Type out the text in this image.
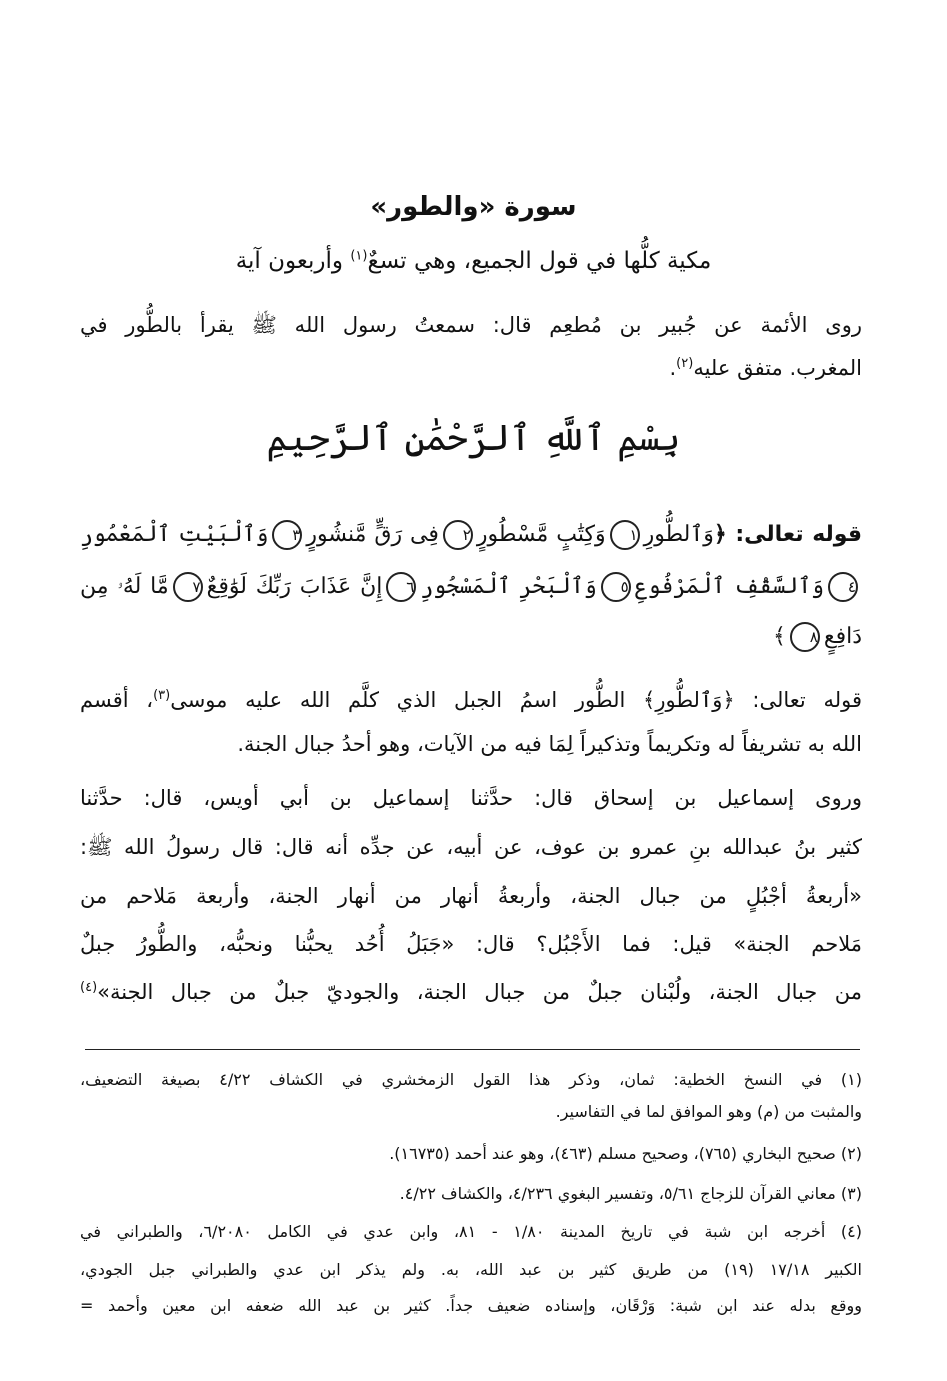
سورة «والطور»
مكية كلُّها في قول الجميع، وهي تسعٌ$^{(١)}$ وأربعون آية
روى الأئمة عن جُبير بن مُطعِم قال: سمعتُ رسول الله ﷺ يقرأ بالطُّور في
المغرب. متفق عليه$^{(٢)}$.
بِسْمِ ٱللَّهِ ٱلرَّحْمَٰنِ ٱلرَّحِيمِ
قوله تعالى: ﴿وَٱلطُّورِ١وَكِتَٰبٍ مَّسْطُورٍ٢فِى رَقٍّ مَّنشُورٍ٣وَٱلْبَيْتِ ٱلْمَعْمُورِ
٤وَٱلسَّقْفِ ٱلْمَرْفُوعِ٥وَٱلْبَحْرِ ٱلْمَسْجُورِ٦إِنَّ عَذَابَ رَبِّكَ لَوَٰقِعٌ٧مَّا لَهُۥ مِن
دَافِعٍ٨﴾
قوله تعالى: ﴿وَٱلطُّورِ﴾ الطُّور اسمُ الجبل الذي كلَّم الله عليه موسى$^{(٣)}$، أقسم
الله به تشريفاً له وتكريماً وتذكيراً لِمَا فيه من الآيات، وهو أحدُ جبال الجنة.
وروى إسماعيل بن إسحاق قال: حدَّثنا إسماعيل بن أبي أويس، قال: حدَّثنا
كثير بنُ عبدالله بنِ عمرو بن عوف، عن أبيه، عن جدِّه أنه قال: قال رسولُ الله ﷺ:
«أربعةُ أجْبُلٍ من جبال الجنة، وأربعةُ أنهار من أنهار الجنة، وأربعة مَلاحم من
مَلاحم الجنة» قيل: فما الأَجْبُل؟ قال: «جَبَلُ أُحُد يحبُّنا ونحبُّه، والطُّورُ جبلٌ
من جبال الجنة، ولُبْنان جبلٌ من جبال الجنة، والجوديّ جبلٌ من جبال الجنة»$^{(٤)}$
(١) في النسخ الخطية: ثمان، وذكر هذا القول الزمخشري في الكشاف ٤/٢٢ بصيغة التضعيف،
والمثبت من (م) وهو الموافق لما في التفاسير.
(٢) صحيح البخاري (٧٦٥)، وصحيح مسلم (٤٦٣)، وهو عند أحمد (١٦٧٣٥).
(٣) معاني القرآن للزجاج ٥/٦١، وتفسير البغوي ٤/٢٣٦، والكشاف ٤/٢٢.
(٤) أخرجه ابن شبة في تاريخ المدينة ١/٨٠ - ٨١، وابن عدي في الكامل ٦/٢٠٨٠، والطبراني في
الكبير ١٧/١٨ (١٩) من طريق كثير بن عبد الله، به. ولم يذكر ابن عدي والطبراني جبل الجودي،
ووقع بدله عند ابن شبة: وَرْقَان، وإسناده ضعيف جداً. كثير بن عبد الله ضعفه ابن معين وأحمد =
